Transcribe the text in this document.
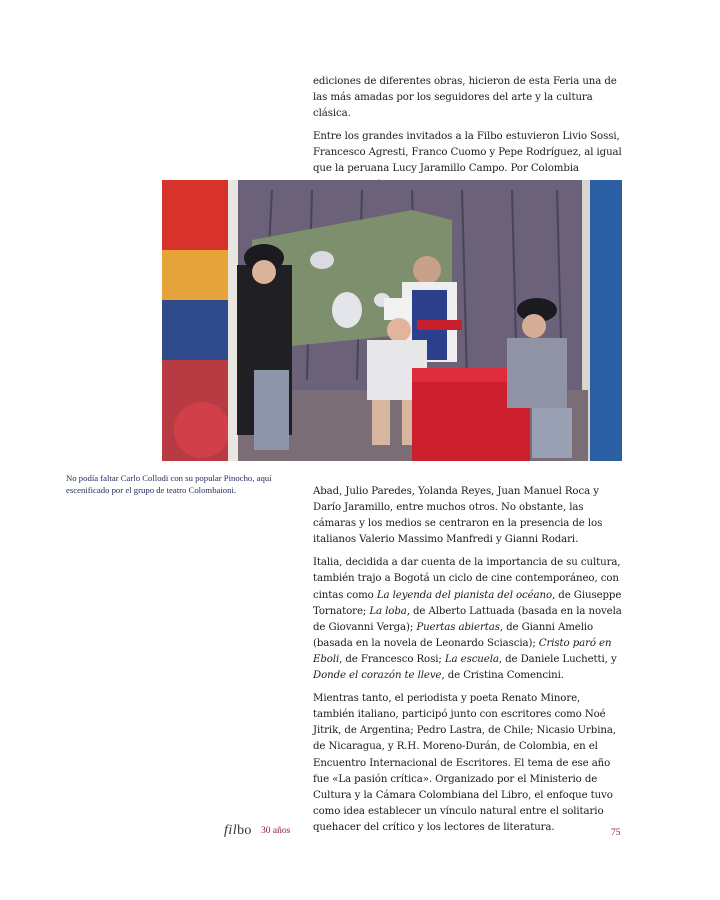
ediciones de diferentes obras, hicieron de esta Feria una de las más amadas por los seguidores del arte y la cultura clásica.

Entre los grandes invitados a la Filbo estuvieron Livio Sossi, Francesco Agresti, Franco Cuomo y Pepe Rodríguez, al igual que la peruana Lucy Jaramillo Campo. Por Colombia

No podía faltar Carlo Collodi con su popular Pinocho, aquí escenificado por el grupo de teatro Colombaioni.	Abad, Julio Paredes, Yolanda Reyes, Juan Manuel Roca y Darío Jaramillo, entre muchos otros. No obstante, las cámaras y los medios se centraron en la presencia de los italianos Valerio Massimo Manfredi y Gianni Rodari.

Italia, decidida a dar cuenta de la importancia de su cultura, también trajo a Bogotá un ciclo de cine contemporáneo, con cintas como La leyenda del pianista del océano, de Giuseppe Tornatore; La loba, de Alberto Lattuada (basada en la novela de Giovanni Verga); Puertas abiertas, de Gianni Amelio (basada en la novela de Leonardo Sciascia); Cristo paró en Eboli, de Francesco Rosi; La escuela, de Daniele Luchetti, y Donde el corazón te lleve, de Cristina Comencini.

Mientras tanto, el periodista y poeta Renato Minore, también italiano, participó junto con escritores como Noé Jitrik, de Argentina; Pedro Lastra, de Chile; Nicasio Urbina, de Nicaragua, y R.H. Moreno-Durán, de Colombia, en el Encuentro Internacional de Escritores. El tema de ese año fue «La pasión crítica». Organizado por el Ministerio de Cultura y la Cámara Colombiana del Libro, el enfoque tuvo como idea establecer un vínculo natural entre el solitario quehacer del crítico y los lectores de literatura.

filbo 30 años	75
